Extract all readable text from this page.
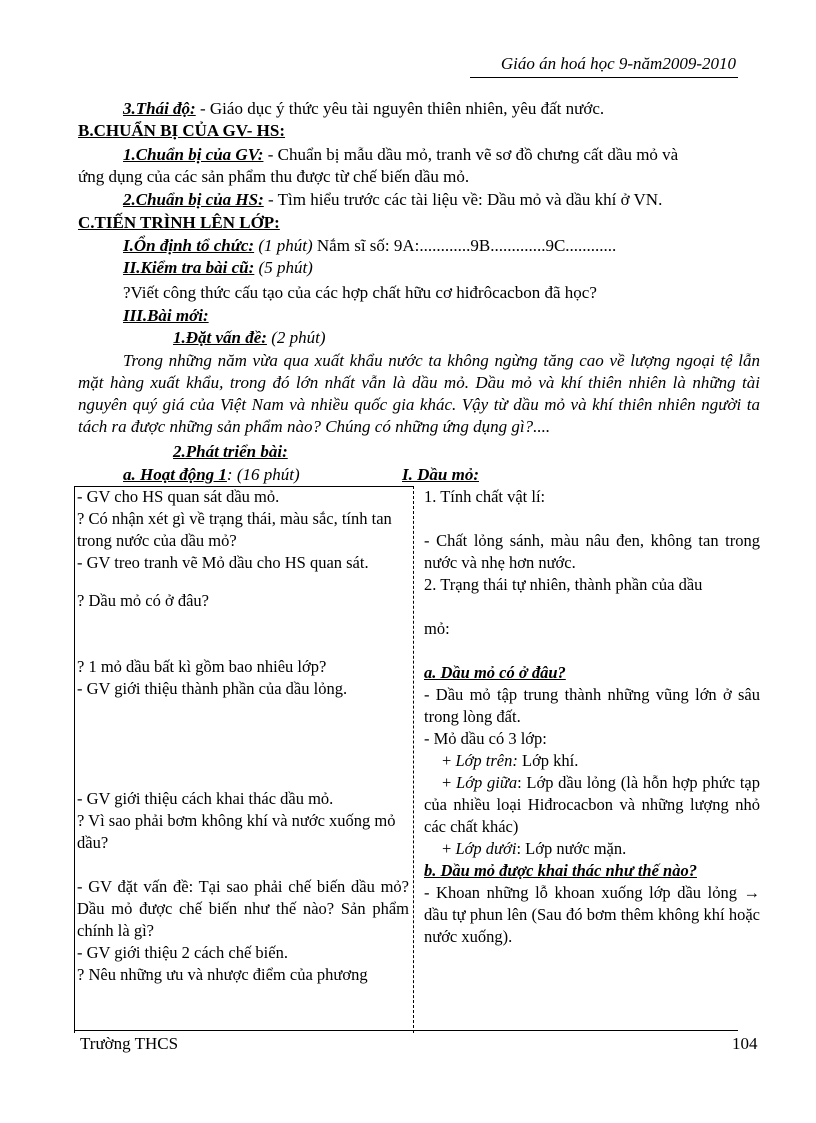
Giáo án hoá học 9-năm2009-2010
3.Thái độ: - Giáo dục ý thức yêu tài nguyên thiên nhiên, yêu đất nước.
B.CHUẨN BỊ CỦA GV- HS:
1.Chuẩn bị của GV: - Chuẩn bị mẫu dầu mỏ, tranh vẽ sơ đồ chưng cất dầu mỏ và
ứng dụng của các sản phẩm thu được từ chế biến dầu mỏ.
2.Chuẩn bị của HS: - Tìm hiểu trước các tài liệu về: Dầu mỏ và dầu khí ở VN.
C.TIẾN TRÌNH LÊN LỚP:
I.Ổn định tổ chức: (1 phút) Nắm sĩ số: 9A:............9B.............9C............
II.Kiểm tra bài cũ: (5 phút)
?Viết công thức cấu tạo của các hợp chất hữu cơ hiđrôcacbon đã học?
III.Bài mới:
1.Đặt vấn đề: (2 phút)
Trong những năm vừa qua xuất khẩu nước ta không ngừng tăng cao về lượng ngoại tệ lẫn mặt hàng xuất khẩu, trong đó lớn nhất vẫn là dầu mỏ. Dầu mỏ và khí thiên nhiên là những tài nguyên quý giá của Việt Nam và nhiều quốc gia khác. Vậy từ dầu mỏ và khí thiên nhiên người ta tách ra được những sản phẩm nào? Chúng có những ứng dụng gì?....
2.Phát triển bài:
a. Hoạt động 1: (16 phút)	I. Dầu mỏ:

- GV cho HS quan sát dầu mỏ.

? Có nhận xét gì về trạng thái, màu sắc, tính tan trong nước của dầu mỏ?

- GV treo tranh vẽ Mỏ dầu cho HS quan sát.

? Dầu mỏ có ở đâu?

? 1 mỏ dầu bất kì gồm bao nhiêu lớp?

- GV giới thiệu thành phần của dầu lỏng.

- GV giới thiệu cách khai thác dầu mỏ.

? Vì sao phải bơm không khí và nước xuống mỏ dầu?

- GV đặt vấn đề: Tại sao phải chế biến dầu mỏ? Dầu mỏ được chế biến như thế nào? Sản phẩm chính là gì?

- GV giới thiệu 2 cách chế biến.

? Nêu những ưu và nhược điểm của phương

1. Tính chất vật lí:

- Chất lỏng sánh, màu nâu đen, không tan trong nước và nhẹ hơn nước.

2. Trạng thái tự nhiên, thành phần của dầu

mỏ:

a. Dầu mỏ có ở đâu?

- Dầu mỏ tập trung thành những vũng lớn ở sâu trong lòng đất.

- Mỏ dầu có 3 lớp:

+ Lớp trên: Lớp khí.

+ Lớp giữa: Lớp dầu lỏng (là hỗn hợp phức tạp của nhiều loại Hiđrocacbon và những lượng nhỏ các chất khác)

+ Lớp dưới: Lớp nước mặn.

b. Dầu mỏ được khai thác như thế nào?

- Khoan những lỗ khoan xuống lớp dầu lỏng → dầu tự phun lên (Sau đó bơm thêm không khí hoặc nước xuống).

Trường THCS	104
